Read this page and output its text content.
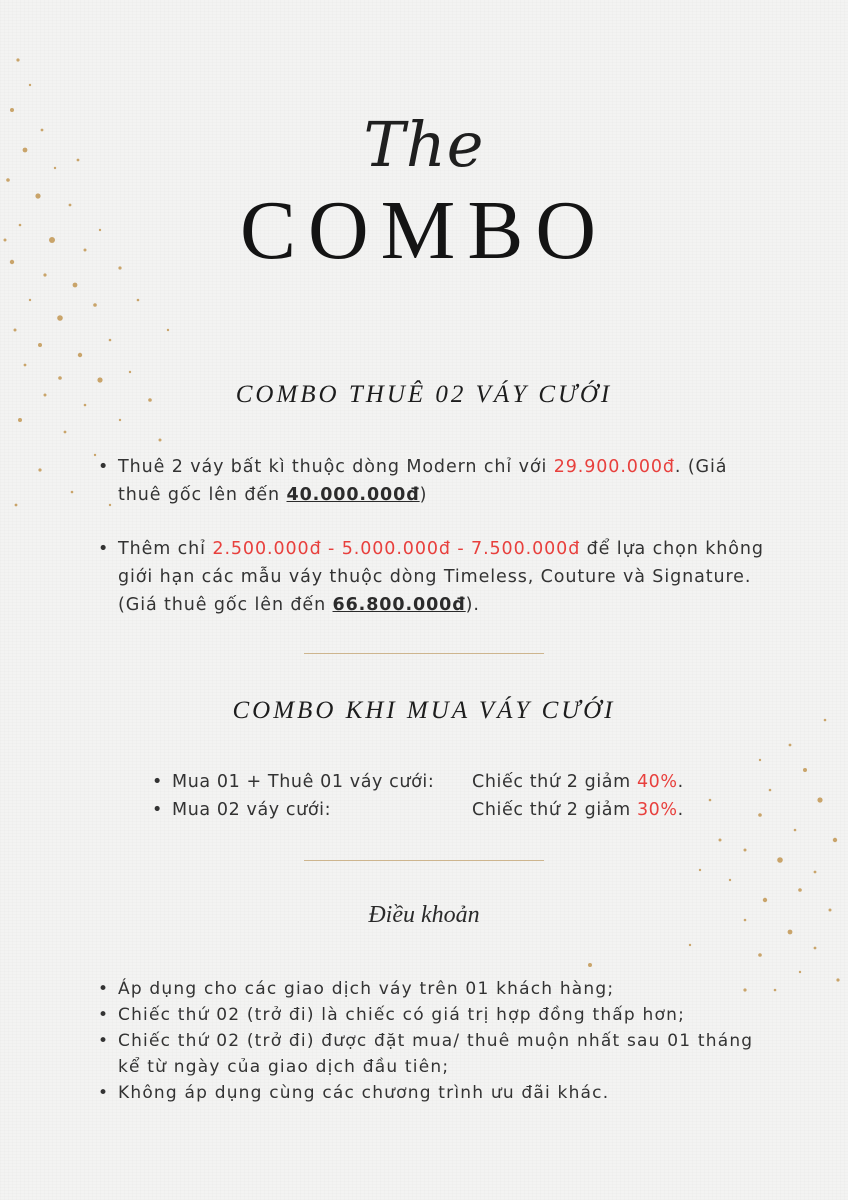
The
COMBO
COMBO THUÊ 02 VÁY CƯỚI
• Thuê 2 váy bất kì thuộc dòng Modern chỉ với 29.900.000đ. (Giá thuê gốc lên đến 40.000.000đ)
• Thêm chỉ 2.500.000đ - 5.000.000đ - 7.500.000đ để lựa chọn không giới hạn các mẫu váy thuộc dòng Timeless, Couture và Signature. (Giá thuê gốc lên đến 66.800.000đ).
COMBO KHI MUA VÁY CƯỚI
• Mua 01 + Thuê 01 váy cưới: Chiếc thứ 2 giảm 40%.
• Mua 02 váy cưới:	Chiếc thứ 2 giảm 30%.
Điều khoản
• Áp dụng cho các giao dịch váy trên 01 khách hàng;
• Chiếc thứ 02 (trở đi) là chiếc có giá trị hợp đồng thấp hơn;
• Chiếc thứ 02 (trở đi) được đặt mua/ thuê muộn nhất sau 01 tháng kể từ ngày của giao dịch đầu tiên;
• Không áp dụng cùng các chương trình ưu đãi khác.
